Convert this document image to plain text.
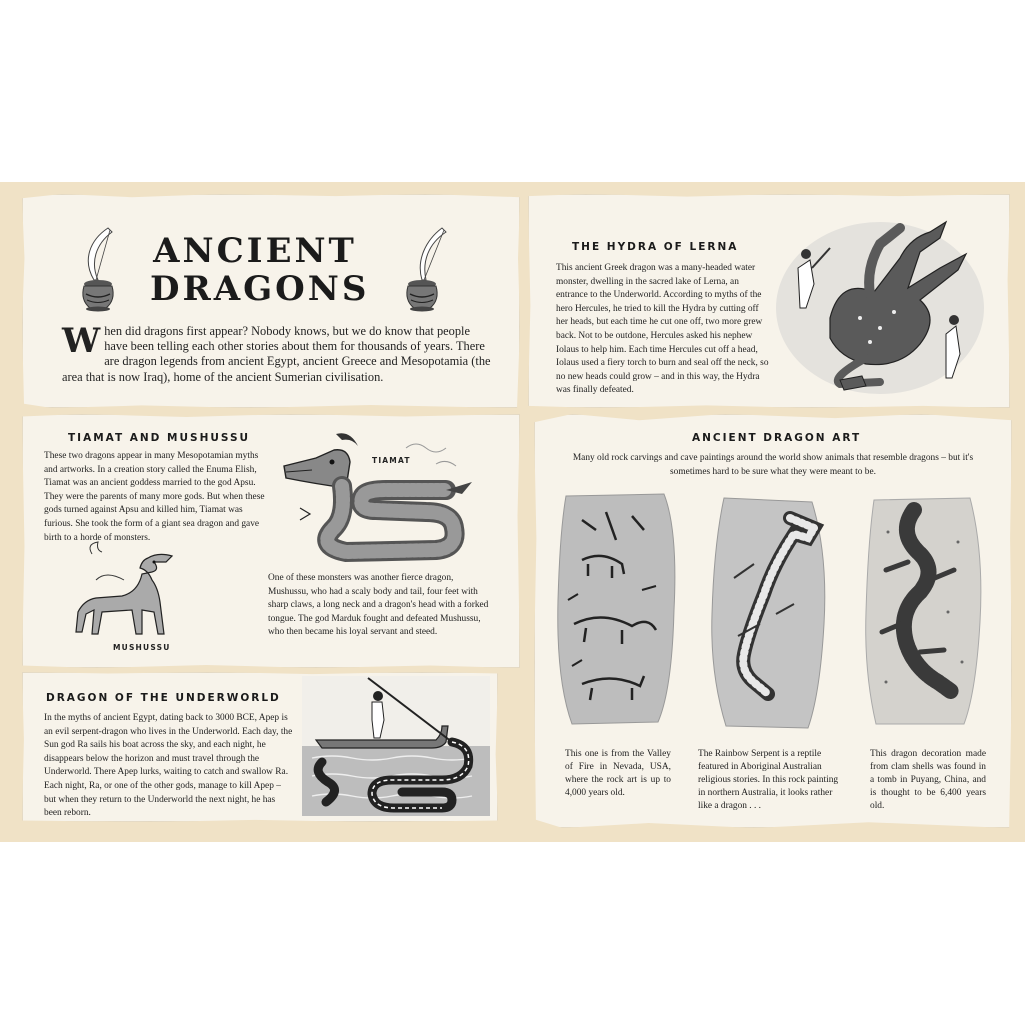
ANCIENT
DRAGONS
When did dragons first appear? Nobody knows, but we do know that people have been telling each other stories about them for thousands of years. There are dragon legends from ancient Egypt, ancient Greece and Mesopotamia (the area that is now Iraq), home of the ancient Sumerian civilisation.
TIAMAT AND MUSHUSSU
These two dragons appear in many Mesopotamian myths and artworks. In a creation story called the Enuma Elish, Tiamat was an ancient goddess married to the god Apsu. They were the parents of many more gods. But when these gods turned against Apsu and killed him, Tiamat was furious. She took the form of a giant sea dragon and gave birth to a horde of monsters.
One of these monsters was another fierce dragon, Mushussu, who had a scaly body and tail, four feet with sharp claws, a long neck and a dragon's head with a forked tongue. The god Marduk fought and defeated Mushussu, who then became his loyal servant and steed.
TIAMAT
MUSHUSSU
DRAGON OF THE UNDERWORLD
In the myths of ancient Egypt, dating back to 3000 BCE, Apep is an evil serpent-dragon who lives in the Underworld. Each day, the Sun god Ra sails his boat across the sky, and each night, he disappears below the horizon and must travel through the Underworld. There Apep lurks, waiting to catch and swallow Ra. Each night, Ra, or one of the other gods, manage to kill Apep – but when they return to the Underworld the next night, he has been reborn.
THE HYDRA OF LERNA
This ancient Greek dragon was a many-headed water monster, dwelling in the sacred lake of Lerna, an entrance to the Underworld. According to myths of the hero Hercules, he tried to kill the Hydra by cutting off her heads, but each time he cut one off, two more grew back. Not to be outdone, Hercules asked his nephew Iolaus to help him. Each time Hercules cut off a head, Iolaus used a fiery torch to burn and seal off the neck, so no new heads could grow – and in this way, the Hydra was finally defeated.
ANCIENT DRAGON ART
Many old rock carvings and cave paintings around the world show animals that resemble dragons – but it's sometimes hard to be sure what they were meant to be.
This one is from the Valley of Fire in Nevada, USA, where the rock art is up to 4,000 years old.
The Rainbow Serpent is a reptile featured in Aboriginal Australian religious stories. In this rock painting in northern Australia, it looks rather like a dragon . . .
This dragon decoration made from clam shells was found in a tomb in Puyang, China, and is thought to be 6,400 years old.
